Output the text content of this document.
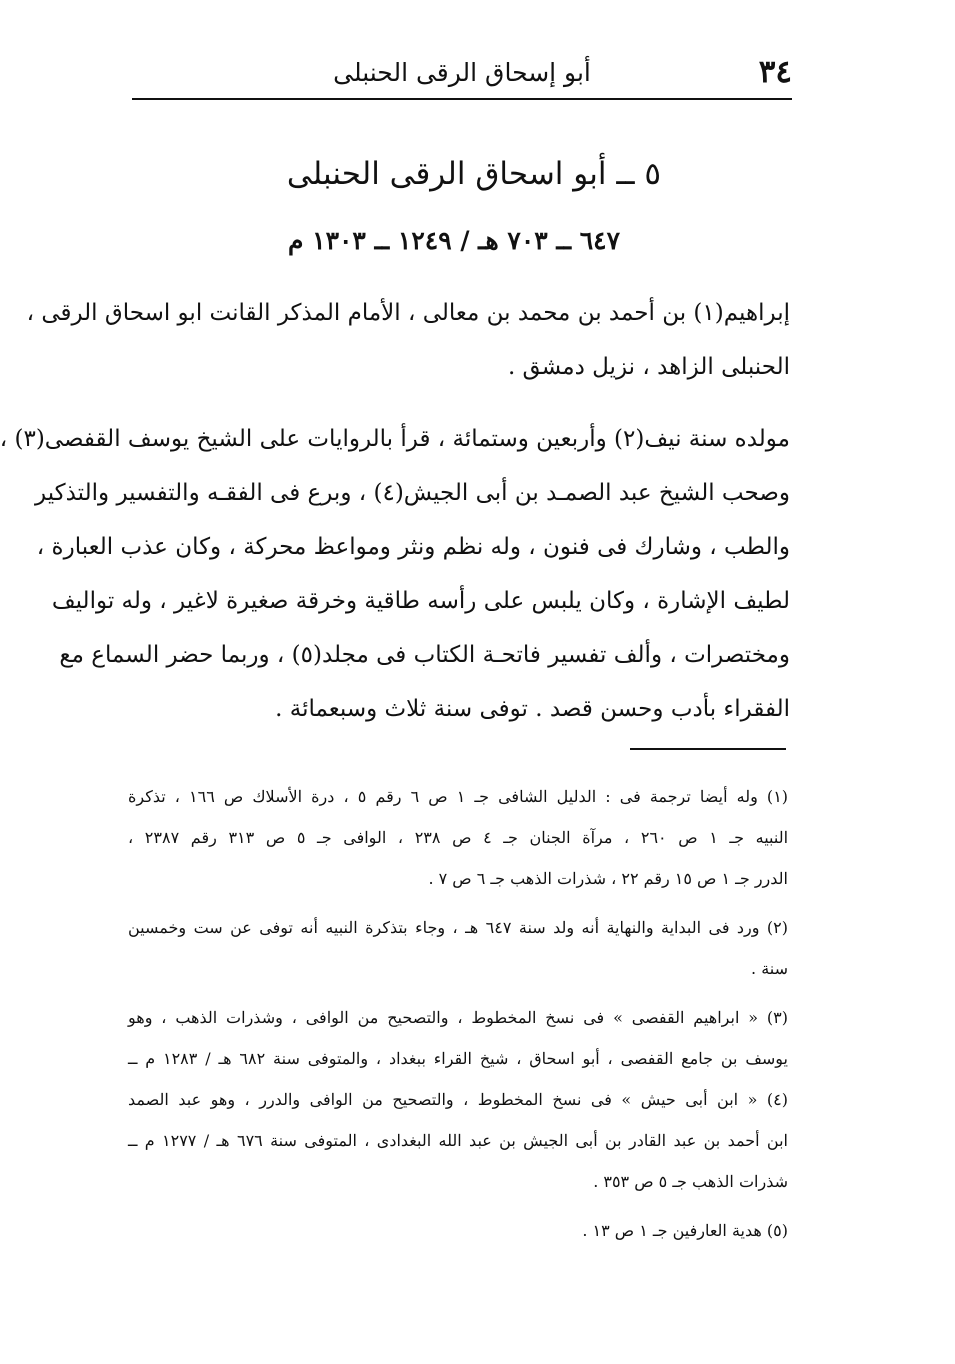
٣٤
أبو إسحاق الرقى الحنبلى
٥ ــ أبو اسحاق الرقى الحنبلى
٦٤٧ ــ ٧٠٣ هـ / ١٢٤٩ ــ ١٣٠٣ م
إبراهيم(١) بن أحمد بن محمد بن معالى ، الأمام المذكر القانت ابو اسحاق الرقى ،
الحنبلى الزاهد ، نزيل دمشق .
مولده سنة نيف(٢) وأربعين وستمائة ، قرأ بالروايات على الشيخ يوسف القفصى(٣) ،
وصحب الشيخ عبد الصمـد بن أبى الجيش(٤) ، وبرع فى الفقـه والتفسير والتذكير
والطب ، وشارك فى فنون ، وله نظم ونثر ومواعظ محركة ، وكان عذب العبارة ،
لطيف الإشارة ، وكان يلبس على رأسه طاقية وخرقة صغيرة لاغير ، وله تواليف
ومختصرات ، وألف تفسير فاتحـة الكتاب فى مجلد(٥) ، وربما حضر السماع مع
الفقراء بأدب وحسن قصد . توفى سنة ثلاث وسبعمائة .
(١) وله أيضا ترجمة فى : الدليل الشافى جـ ١ ص ٦ رقم ٥ ، درة الأسلاك ص ١٦٦ ، تذكرة
النبيه جـ ١ ص ٢٦٠ ، مرآة الجنان جـ ٤ ص ٢٣٨ ، الوافى جـ ٥ ص ٣١٣ رقم ٢٣٨٧ ،
الدرر جـ ١ ص ١٥ رقم ٢٢ ، شذرات الذهب جـ ٦ ص ٧ .
(٢) ورد فى البداية والنهاية أنه ولد سنة ٦٤٧ هـ ، وجاء بتذكرة النبيه أنه توفى عن ست وخمسين
سنة .
(٣) « ابراهيم القفصى » فى نسخ المخطوط ، والتصحيح من الوافى ، وشذرات الذهب ، وهو
يوسف بن جامع القفصى ، أبو اسحاق ، شيخ القراء ببغداد ، والمتوفى سنة ٦٨٢ هـ / ١٢٨٣ م ــ
(٤) « ابن أبى حيش » فى نسخ المخطوط ، والتصحيح من الوافى والدرر ، وهو عبد الصمد
ابن أحمد بن عبد القادر بن أبى الجيش بن عبد الله البغدادى ، المتوفى سنة ٦٧٦ هـ / ١٢٧٧ م ــ
شذرات الذهب جـ ٥ ص ٣٥٣ .
(٥) هدية العارفين جـ ١ ص ١٣ .
